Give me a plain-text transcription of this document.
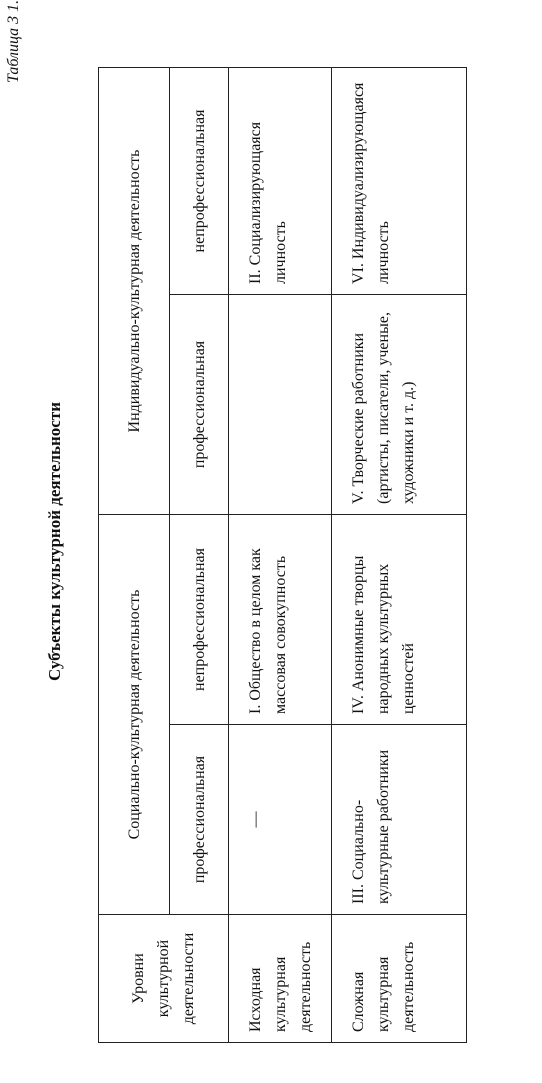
Таблица 3 1.
Субъекты культурной деятельности
Уровни культурной деятельности	Социально-культурная деятельность		Индивидуально-культурная деятельность	
	профессиональная	непрофессиональная	профессиональная	непрофессиональная
Исходная культурная деятельность	—	I. Общество в целом как массовая совокупность		II. Социализирующаяся личность
Сложная культурная деятельность	III. Социально-культурные работники	IV. Анонимные творцы народных культурных ценностей	V. Творческие работники (артисты, писатели, ученые, художники и т. д.)	VI. Индивидуализирующаяся личность
